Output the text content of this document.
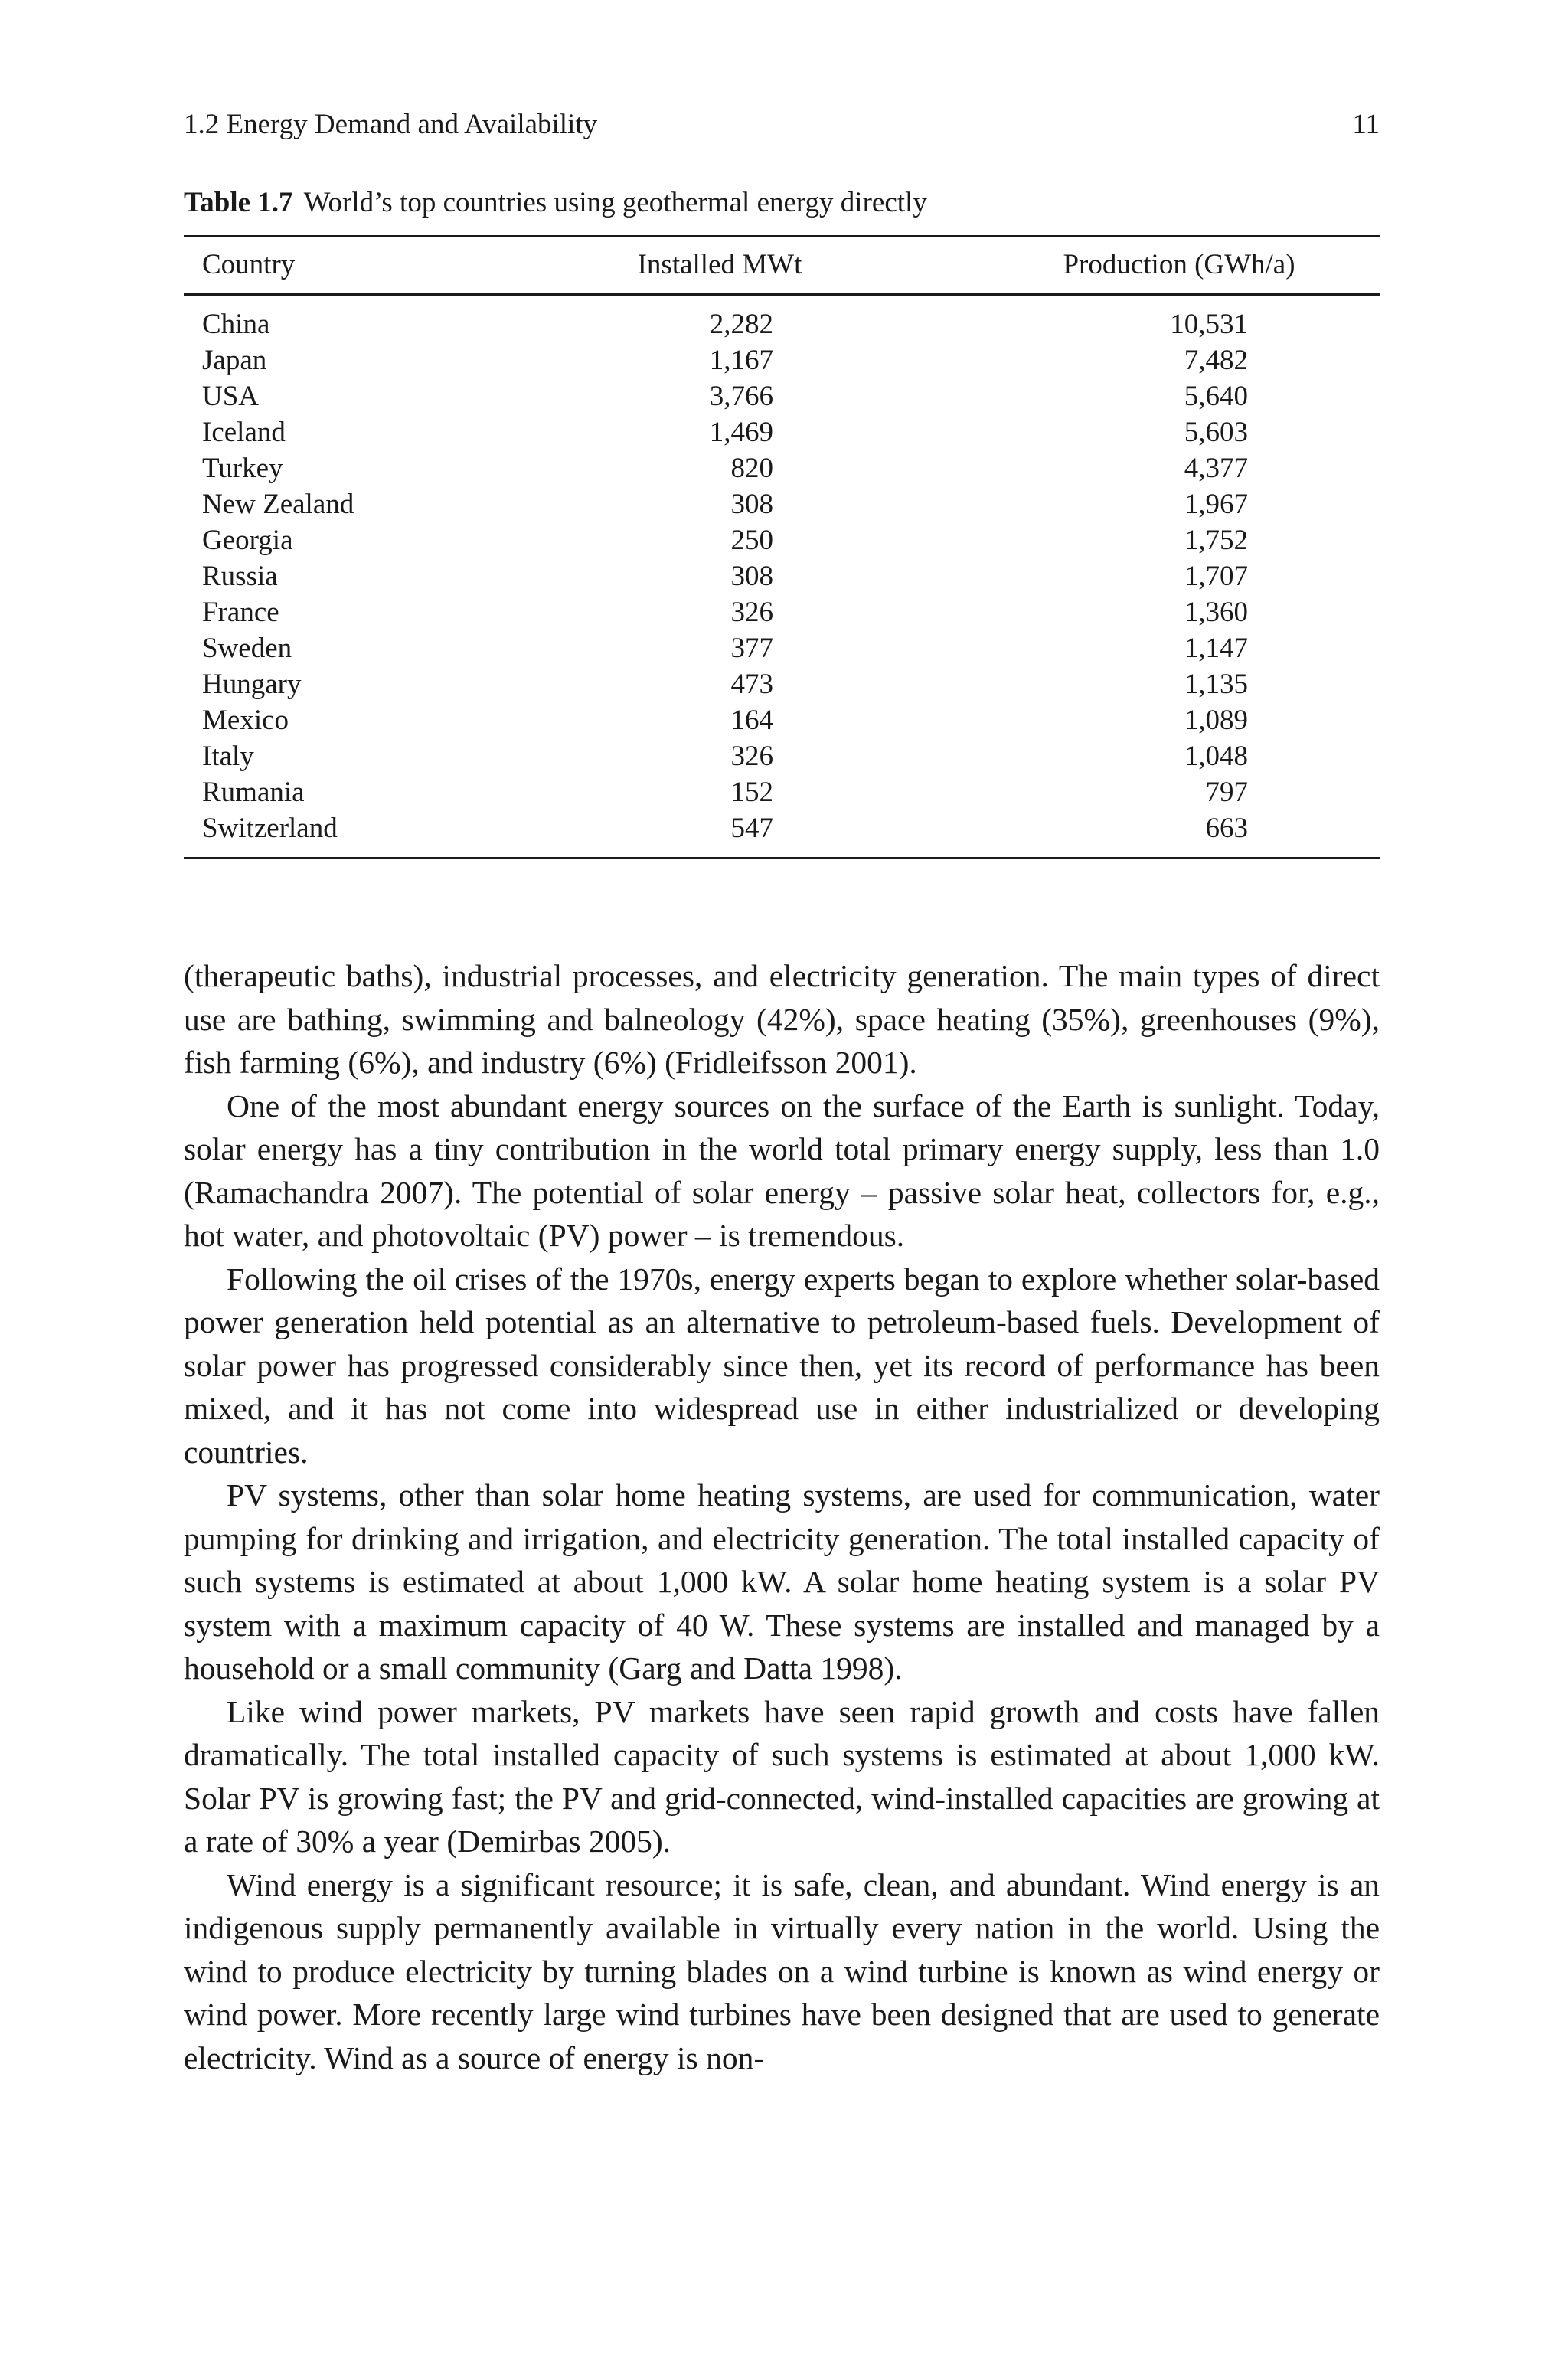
1.2 Energy Demand and Availability	11
Table 1.7 World’s top countries using geothermal energy directly
Country	Installed MWt	Production (GWh/a)
China	2,282	10,531
Japan	1,167	7,482
USA	3,766	5,640
Iceland	1,469	5,603
Turkey	820	4,377
New Zealand	308	1,967
Georgia	250	1,752
Russia	308	1,707
France	326	1,360
Sweden	377	1,147
Hungary	473	1,135
Mexico	164	1,089
Italy	326	1,048
Rumania	152	797
Switzerland	547	663

(therapeutic baths), industrial processes, and electricity generation. The main types of direct use are bathing, swimming and balneology (42%), space heating (35%), greenhouses (9%), fish farming (6%), and industry (6%) (Fridleifsson 2001).

One of the most abundant energy sources on the surface of the Earth is sunlight. Today, solar energy has a tiny contribution in the world total primary energy supply, less than 1.0 (Ramachandra 2007). The potential of solar energy – passive solar heat, collectors for, e.g., hot water, and photovoltaic (PV) power – is tremendous.

Following the oil crises of the 1970s, energy experts began to explore whether solar-based power generation held potential as an alternative to petroleum-based fuels. Development of solar power has progressed considerably since then, yet its record of performance has been mixed, and it has not come into widespread use in either industrialized or developing countries.

PV systems, other than solar home heating systems, are used for communication, water pumping for drinking and irrigation, and electricity generation. The total installed capacity of such systems is estimated at about 1,000 kW. A solar home heating system is a solar PV system with a maximum capacity of 40 W. These systems are installed and managed by a household or a small community (Garg and Datta 1998).

Like wind power markets, PV markets have seen rapid growth and costs have fallen dramatically. The total installed capacity of such systems is estimated at about 1,000 kW. Solar PV is growing fast; the PV and grid-connected, wind-installed capacities are growing at a rate of 30% a year (Demirbas 2005).

Wind energy is a significant resource; it is safe, clean, and abundant. Wind energy is an indigenous supply permanently available in virtually every nation in the world. Using the wind to produce electricity by turning blades on a wind turbine is known as wind energy or wind power. More recently large wind turbines have been designed that are used to generate electricity. Wind as a source of energy is non-
